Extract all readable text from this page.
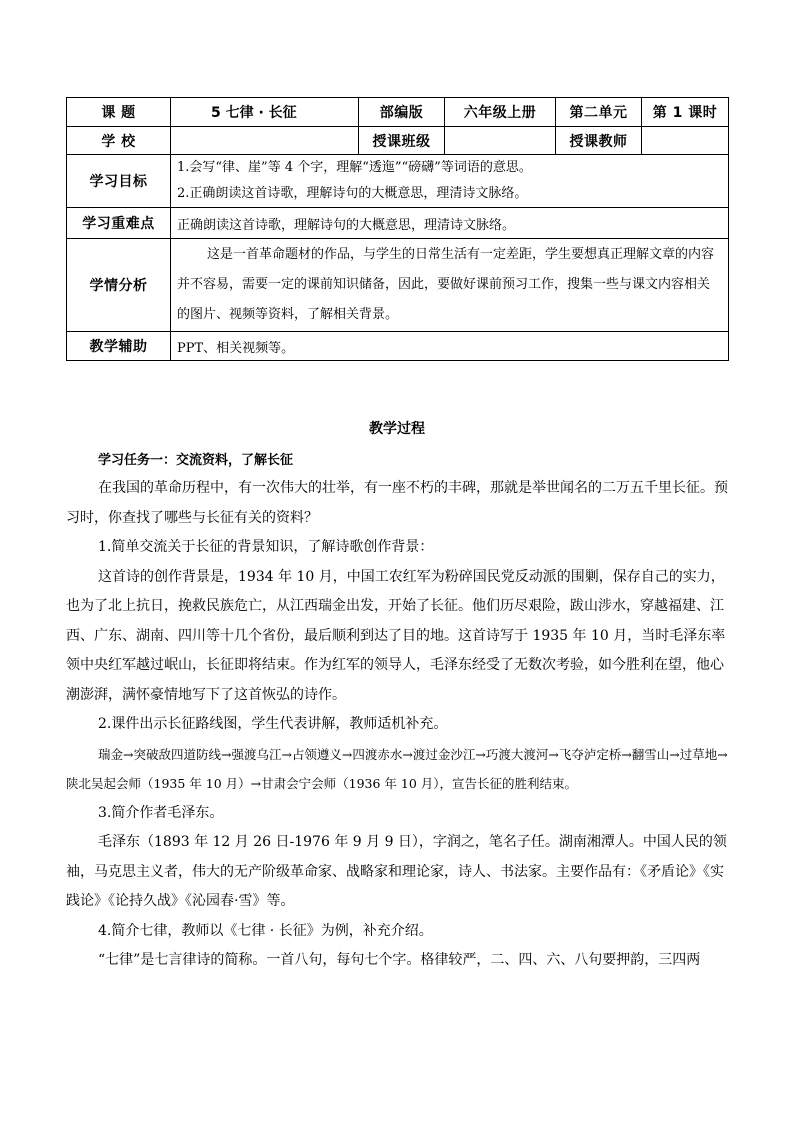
课 题	5 七律 · 长征	部编版	六年级上册	第二单元	第 1 课时
学 校		授课班级		授课教师	
学习目标	1.会写“律、崖”等 4 个字，理解“透迤”“磅礴”等词语的意思。
2.正确朗读这首诗歌，理解诗句的大概意思，理清诗文脉络。				

学习重难点	正确朗读这首诗歌，理解诗句的大概意思，理清诗文脉络。				
学情分析	这是一首革命题材的作品，与学生的日常生活有一定差距，学生要想真正理解文章的内容并不容易，需要一定的课前知识储备，因此，要做好课前预习工作，搜集一些与课文内容相关的图片、视频等资料，了解相关背景。				

教学辅助	PPT、相关视频等。				
教学过程
学习任务一：交流资料，了解长征

在我国的革命历程中，有一次伟大的壮举，有一座不朽的丰碑，那就是举世闻名的二万五千里长征。预习时，你查找了哪些与长征有关的资料？

1.简单交流关于长征的背景知识，了解诗歌创作背景：

这首诗的创作背景是，1934 年 10 月，中国工农红军为粉碎国民党反动派的围剿，保存自己的实力，也为了北上抗日，挽救民族危亡，从江西瑞金出发，开始了长征。他们历尽艰险，跋山涉水，穿越福建、江西、广东、湖南、四川等十几个省份，最后顺利到达了目的地。这首诗写于 1935 年 10 月，当时毛泽东率领中央红军越过岷山，长征即将结束。作为红军的领导人，毛泽东经受了无数次考验，如今胜利在望，他心潮澎湃，满怀豪情地写下了这首恢弘的诗作。

2.课件出示长征路线图，学生代表讲解，教师适机补充。

瑞金→突破敌四道防线→强渡乌江→占领遵义→四渡赤水→渡过金沙江→巧渡大渡河→飞夺泸定桥→翻雪山→过草地→陕北吴起会师（1935 年 10 月）→甘肃会宁会师（1936 年 10 月），宣告长征的胜利结束。

3.简介作者毛泽东。

毛泽东（1893 年 12 月 26 日-1976 年 9 月 9 日），字润之，笔名子任。湖南湘潭人。中国人民的领袖，马克思主义者，伟大的无产阶级革命家、战略家和理论家，诗人、书法家。主要作品有：《矛盾论》《实践论》《论持久战》《沁园春·雪》等。

4.简介七律，教师以《七律 · 长征》为例，补充介绍。

“七律”是七言律诗的简称。一首八句，每句七个字。格律较严，二、四、六、八句要押韵，三四两
